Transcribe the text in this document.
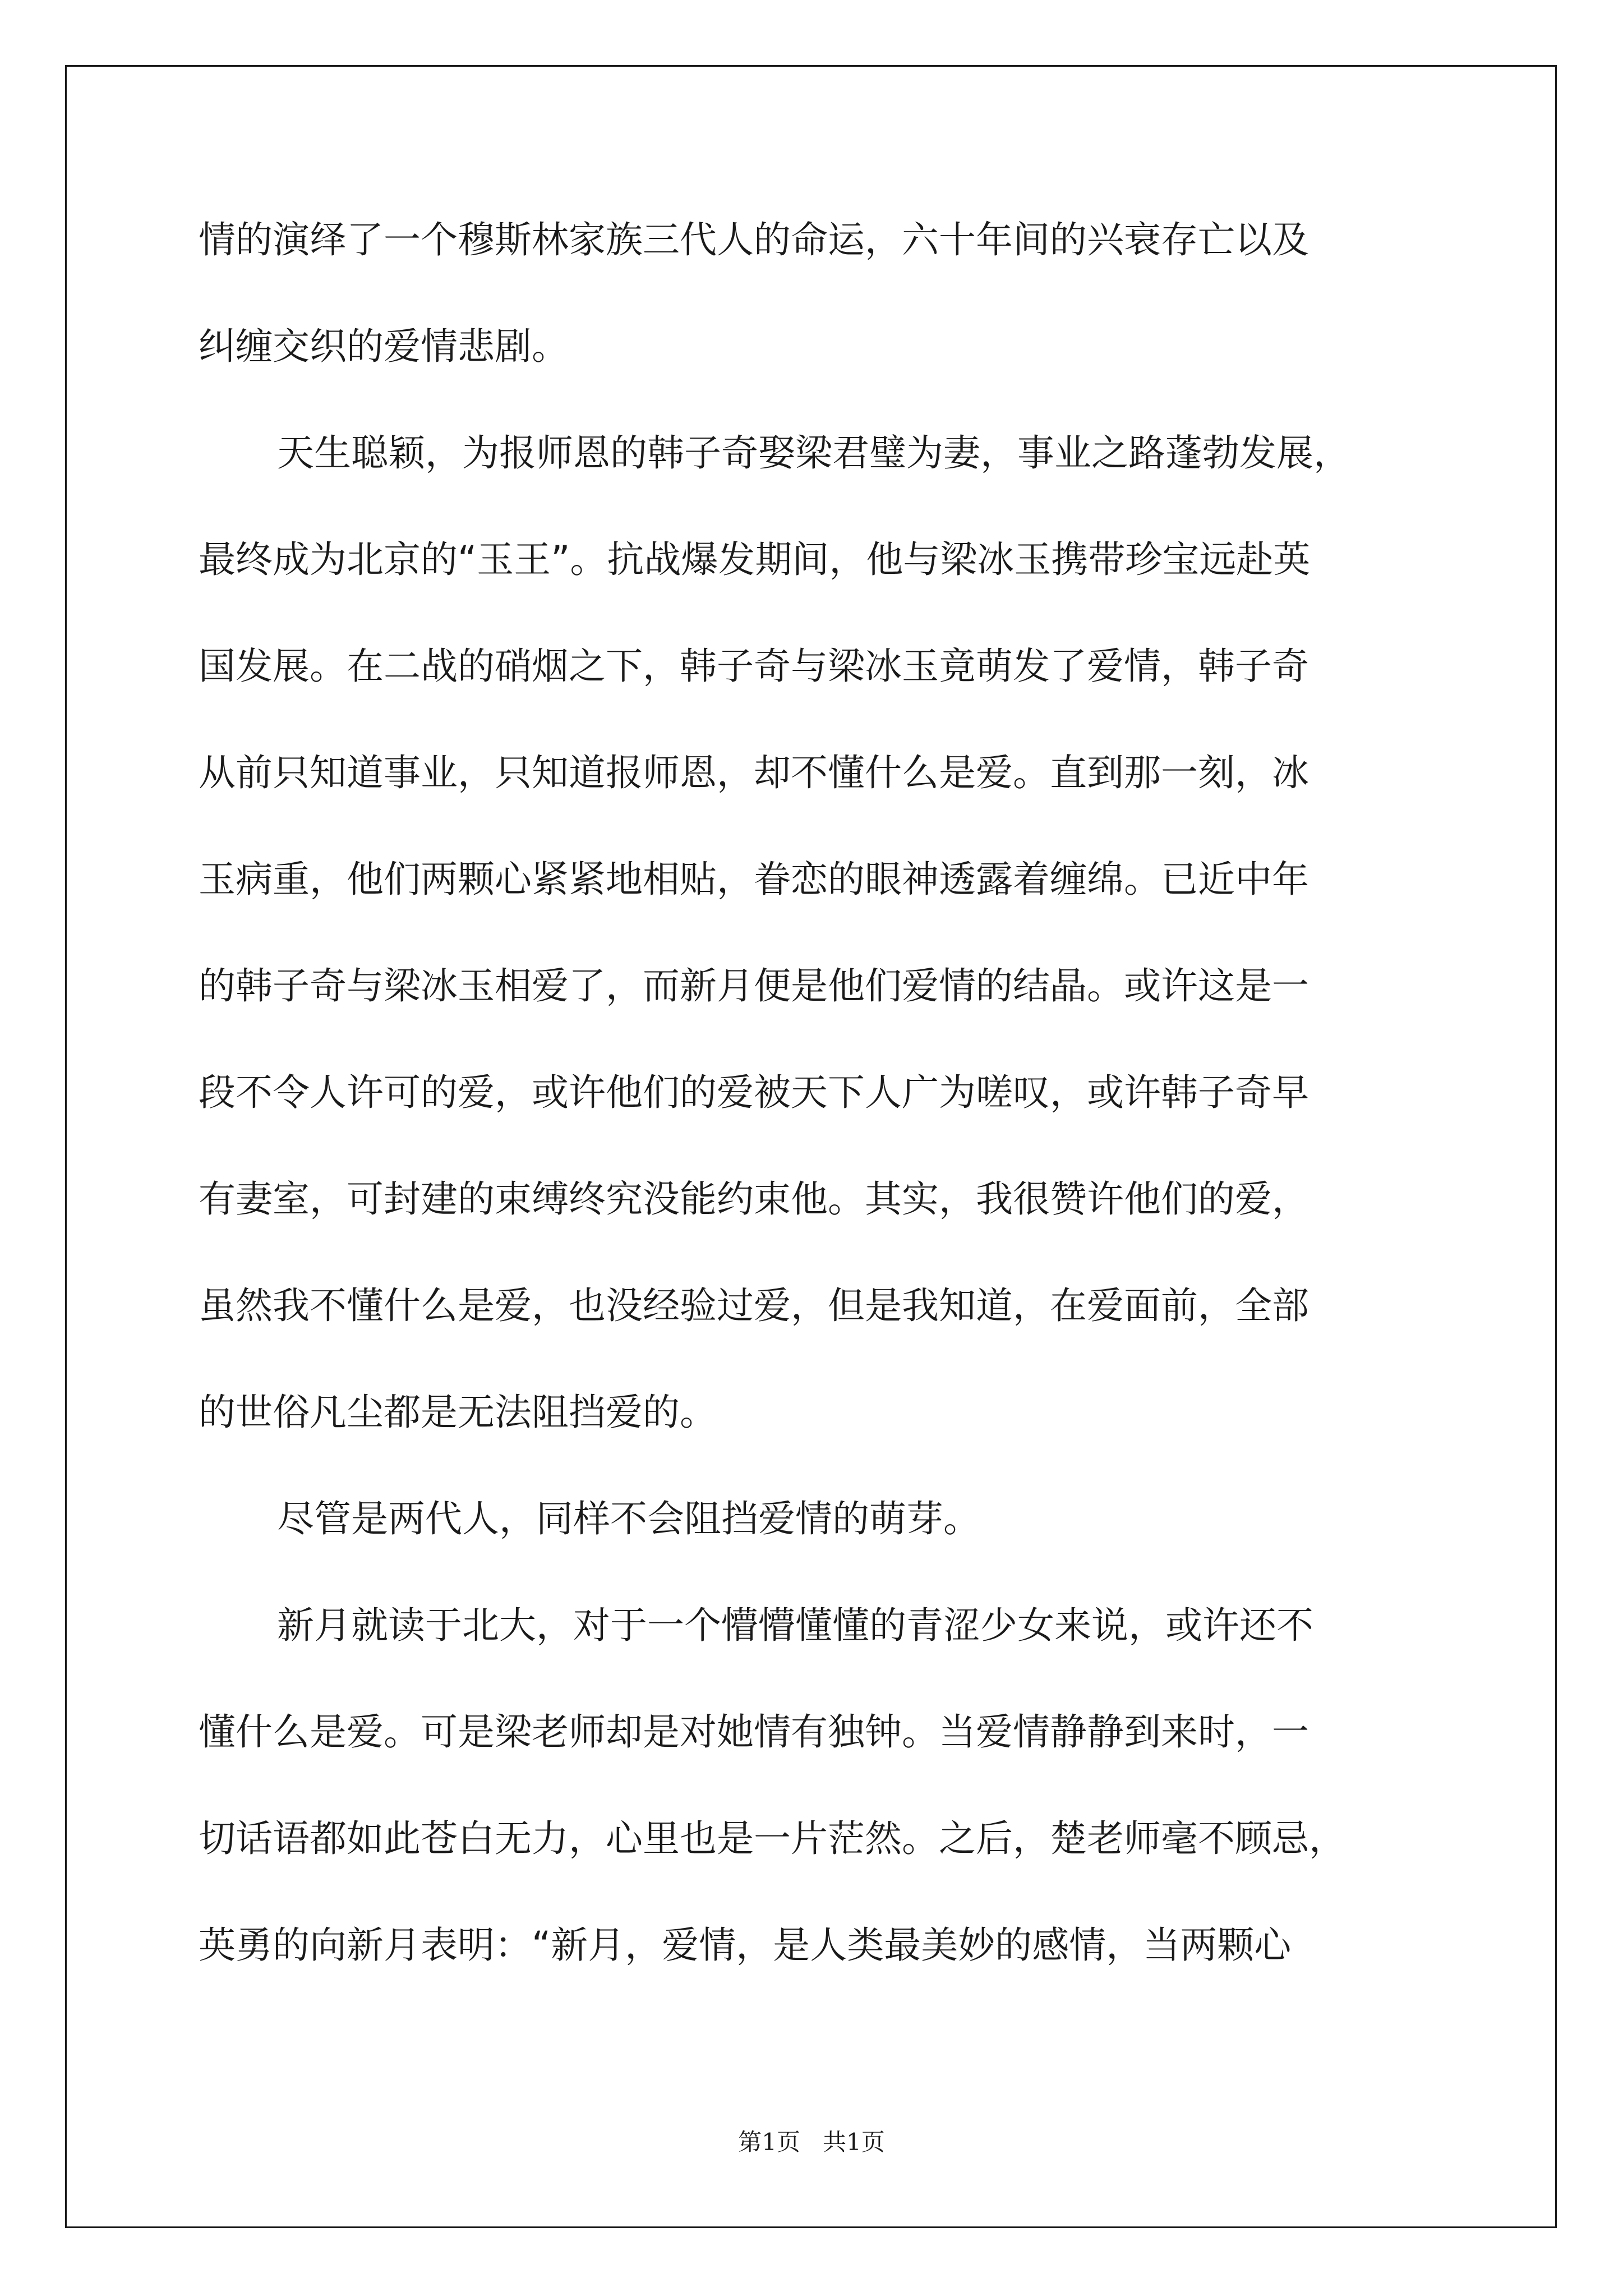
情的演绎了一个穆斯林家族三代人的命运，六十年间的兴衰存亡以及
纠缠交织的爱情悲剧。
天生聪颖，为报师恩的韩子奇娶梁君璧为妻，事业之路蓬勃发展，
最终成为北京的“玉王”。抗战爆发期间，他与梁冰玉携带珍宝远赴英
国发展。在二战的硝烟之下，韩子奇与梁冰玉竟萌发了爱情，韩子奇
从前只知道事业，只知道报师恩，却不懂什么是爱。直到那一刻，冰
玉病重，他们两颗心紧紧地相贴，眷恋的眼神透露着缠绵。已近中年
的韩子奇与梁冰玉相爱了，而新月便是他们爱情的结晶。或许这是一
段不令人许可的爱，或许他们的爱被天下人广为嗟叹，或许韩子奇早
有妻室，可封建的束缚终究没能约束他。其实，我很赞许他们的爱，
虽然我不懂什么是爱，也没经验过爱，但是我知道，在爱面前，全部
的世俗凡尘都是无法阻挡爱的。
尽管是两代人，同样不会阻挡爱情的萌芽。
新月就读于北大，对于一个懵懵懂懂的青涩少女来说，或许还不
懂什么是爱。可是梁老师却是对她情有独钟。当爱情静静到来时，一
切话语都如此苍白无力，心里也是一片茫然。之后，楚老师毫不顾忌，
英勇的向新月表明：“新月，爱情，是人类最美妙的感情，当两颗心
第1页   共1页
